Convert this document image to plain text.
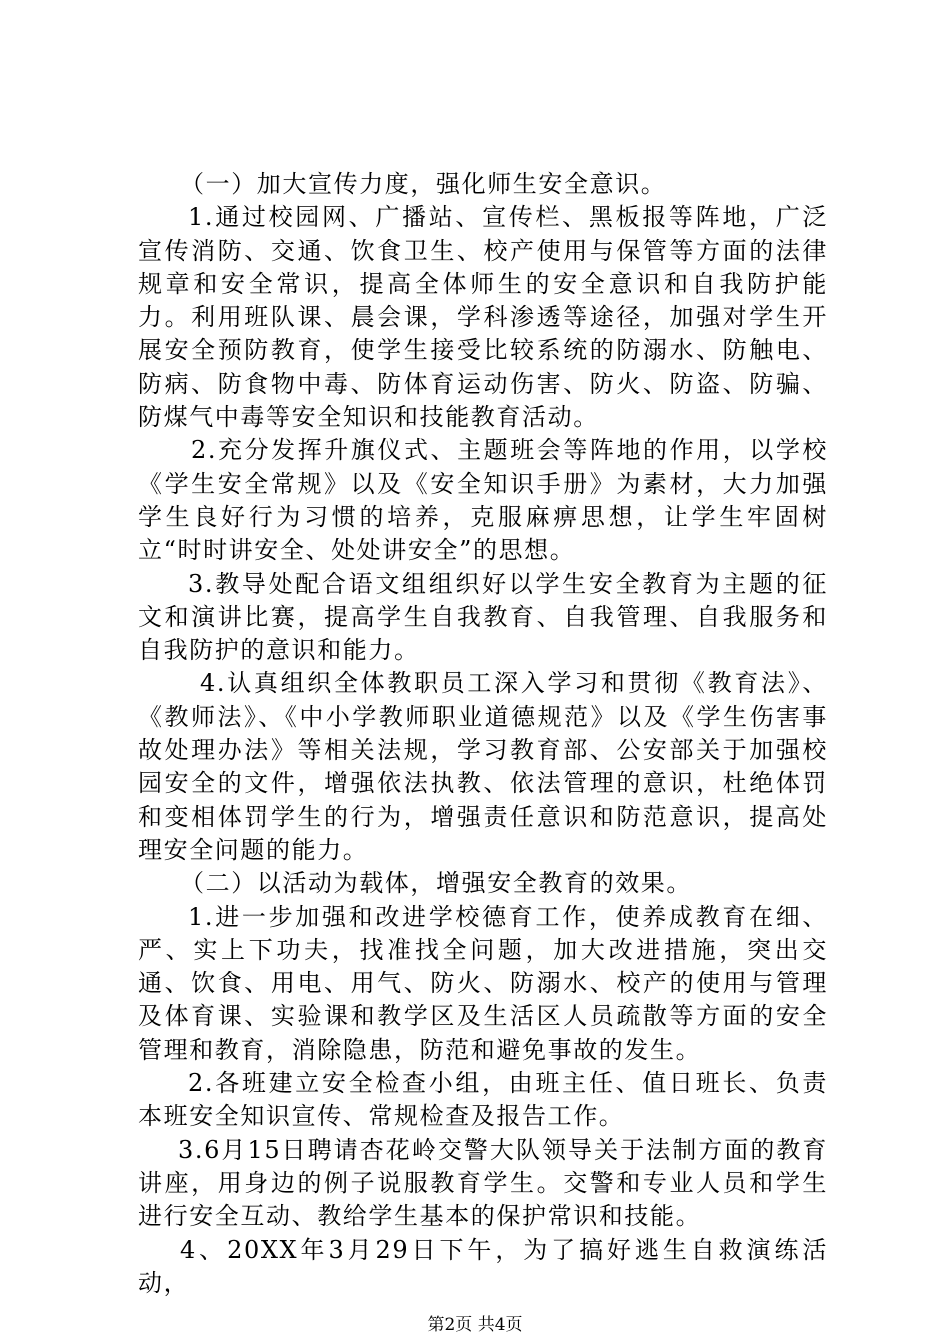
（一）加大宣传力度，强化师生安全意识。

1.通过校园网、广播站、宣传栏、黑板报等阵地，广泛宣传消防、交通、饮食卫生、校产使用与保管等方面的法律规章和安全常识，提高全体师生的安全意识和自我防护能力。利用班队课、晨会课，学科渗透等途径，加强对学生开展安全预防教育，使学生接受比较系统的防溺水、防触电、防病、防食物中毒、防体育运动伤害、防火、防盗、防骗、防煤气中毒等安全知识和技能教育活动。

2.充分发挥升旗仪式、主题班会等阵地的作用，以学校《学生安全常规》以及《安全知识手册》为素材，大力加强学生良好行为习惯的培养，克服麻痹思想，让学生牢固树立“时时讲安全、处处讲安全”的思想。

3.教导处配合语文组组织好以学生安全教育为主题的征文和演讲比赛，提高学生自我教育、自我管理、自我服务和自我防护的意识和能力。

4.认真组织全体教职员工深入学习和贯彻《教育法》、《教师法》、《中小学教师职业道德规范》以及《学生伤害事故处理办法》等相关法规，学习教育部、公安部关于加强校园安全的文件，增强依法执教、依法管理的意识，杜绝体罚和变相体罚学生的行为，增强责任意识和防范意识，提高处理安全问题的能力。

（二）以活动为载体，增强安全教育的效果。

1.进一步加强和改进学校德育工作，使养成教育在细、严、实上下功夫，找准找全问题，加大改进措施，突出交通、饮食、用电、用气、防火、防溺水、校产的使用与管理及体育课、实验课和教学区及生活区人员疏散等方面的安全管理和教育，消除隐患，防范和避免事故的发生。

2.各班建立安全检查小组，由班主任、值日班长、负责本班安全知识宣传、常规检查及报告工作。

3.6月15日聘请杏花岭交警大队领导关于法制方面的教育讲座，用身边的例子说服教育学生。交警和专业人员和学生进行安全互动、教给学生基本的保护常识和技能。

4、20XX年3月29日下午，为了搞好逃生自救演练活动，

第2页 共4页
